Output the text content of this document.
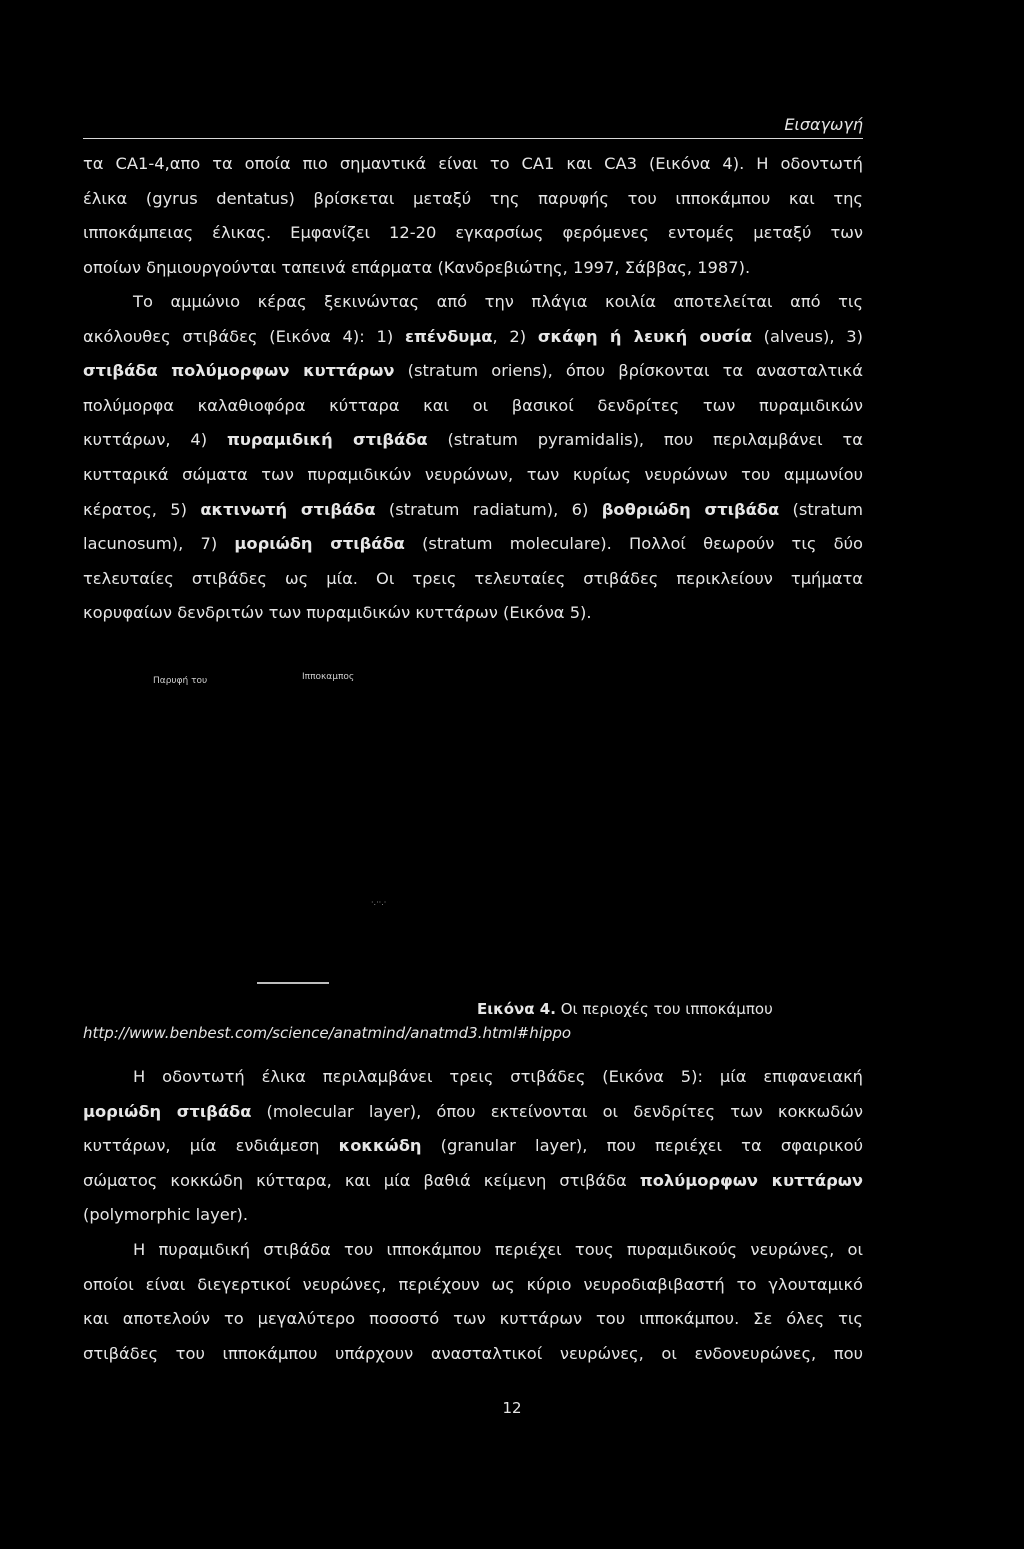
Εισαγωγή
τα CA1-4,απο τα οποία πιο σημαντικά είναι το CA1 και CA3 (Εικόνα 4). Η οδοντωτή
έλικα (gyrus dentatus) βρίσκεται μεταξύ της παρυφής του ιπποκάμπου και της
ιπποκάμπειας έλικας. Εμφανίζει 12-20 εγκαρσίως φερόμενες εντομές μεταξύ των
οποίων δημιουργούνται ταπεινά επάρματα (Κανδρεβιώτης, 1997, Σάββας, 1987).
Το αμμώνιο κέρας ξεκινώντας από την πλάγια κοιλία αποτελείται από τις
ακόλουθες στιβάδες (Εικόνα 4): 1) επένδυμα, 2) σκάφη ή λευκή ουσία (alveus), 3)
στιβάδα πολύμορφων κυττάρων (stratum oriens), όπου βρίσκονται τα ανασταλτικά
πολύμορφα καλαθιοφόρα κύτταρα και οι βασικοί δενδρίτες των πυραμιδικών
κυττάρων, 4) πυραμιδική στιβάδα (stratum pyramidalis), που περιλαμβάνει τα
κυτταρικά σώματα των πυραμιδικών νευρώνων, των κυρίως νευρώνων του αμμωνίου
κέρατος, 5) ακτινωτή στιβάδα (stratum radiatum), 6) βοθριώδη στιβάδα (stratum
lacunosum), 7) μοριώδη στιβάδα (stratum moleculare). Πολλοί θεωρούν τις δύο
τελευταίες στιβάδες ως μία. Οι τρεις τελευταίες στιβάδες περικλείουν τμήματα
κορυφαίων δενδριτών των πυραμιδικών κυττάρων (Εικόνα 5).
Παρυφή του	Ιπποκαμπος
·.··.·
Εικόνα 4. Οι περιοχές του ιπποκάμπου
http://www.benbest.com/science/anatmind/anatmd3.html#hippo
Η οδοντωτή έλικα περιλαμβάνει τρεις στιβάδες (Εικόνα 5): μία επιφανειακή
μοριώδη στιβάδα (molecular layer), όπου εκτείνονται οι δενδρίτες των κοκκωδών
κυττάρων, μία ενδιάμεση κοκκώδη (granular layer), που περιέχει τα σφαιρικού
σώματος κοκκώδη κύτταρα, και μία βαθιά κείμενη στιβάδα πολύμορφων κυττάρων
(polymorphic layer).
Η πυραμιδική στιβάδα του ιπποκάμπου περιέχει τους πυραμιδικούς νευρώνες, οι
οποίοι είναι διεγερτικοί νευρώνες, περιέχουν ως κύριο νευροδιαβιβαστή το γλουταμικό
και αποτελούν το μεγαλύτερο ποσοστό των κυττάρων του ιπποκάμπου. Σε όλες τις
στιβάδες του ιπποκάμπου υπάρχουν ανασταλτικοί νευρώνες, οι ενδονευρώνες, που
12
